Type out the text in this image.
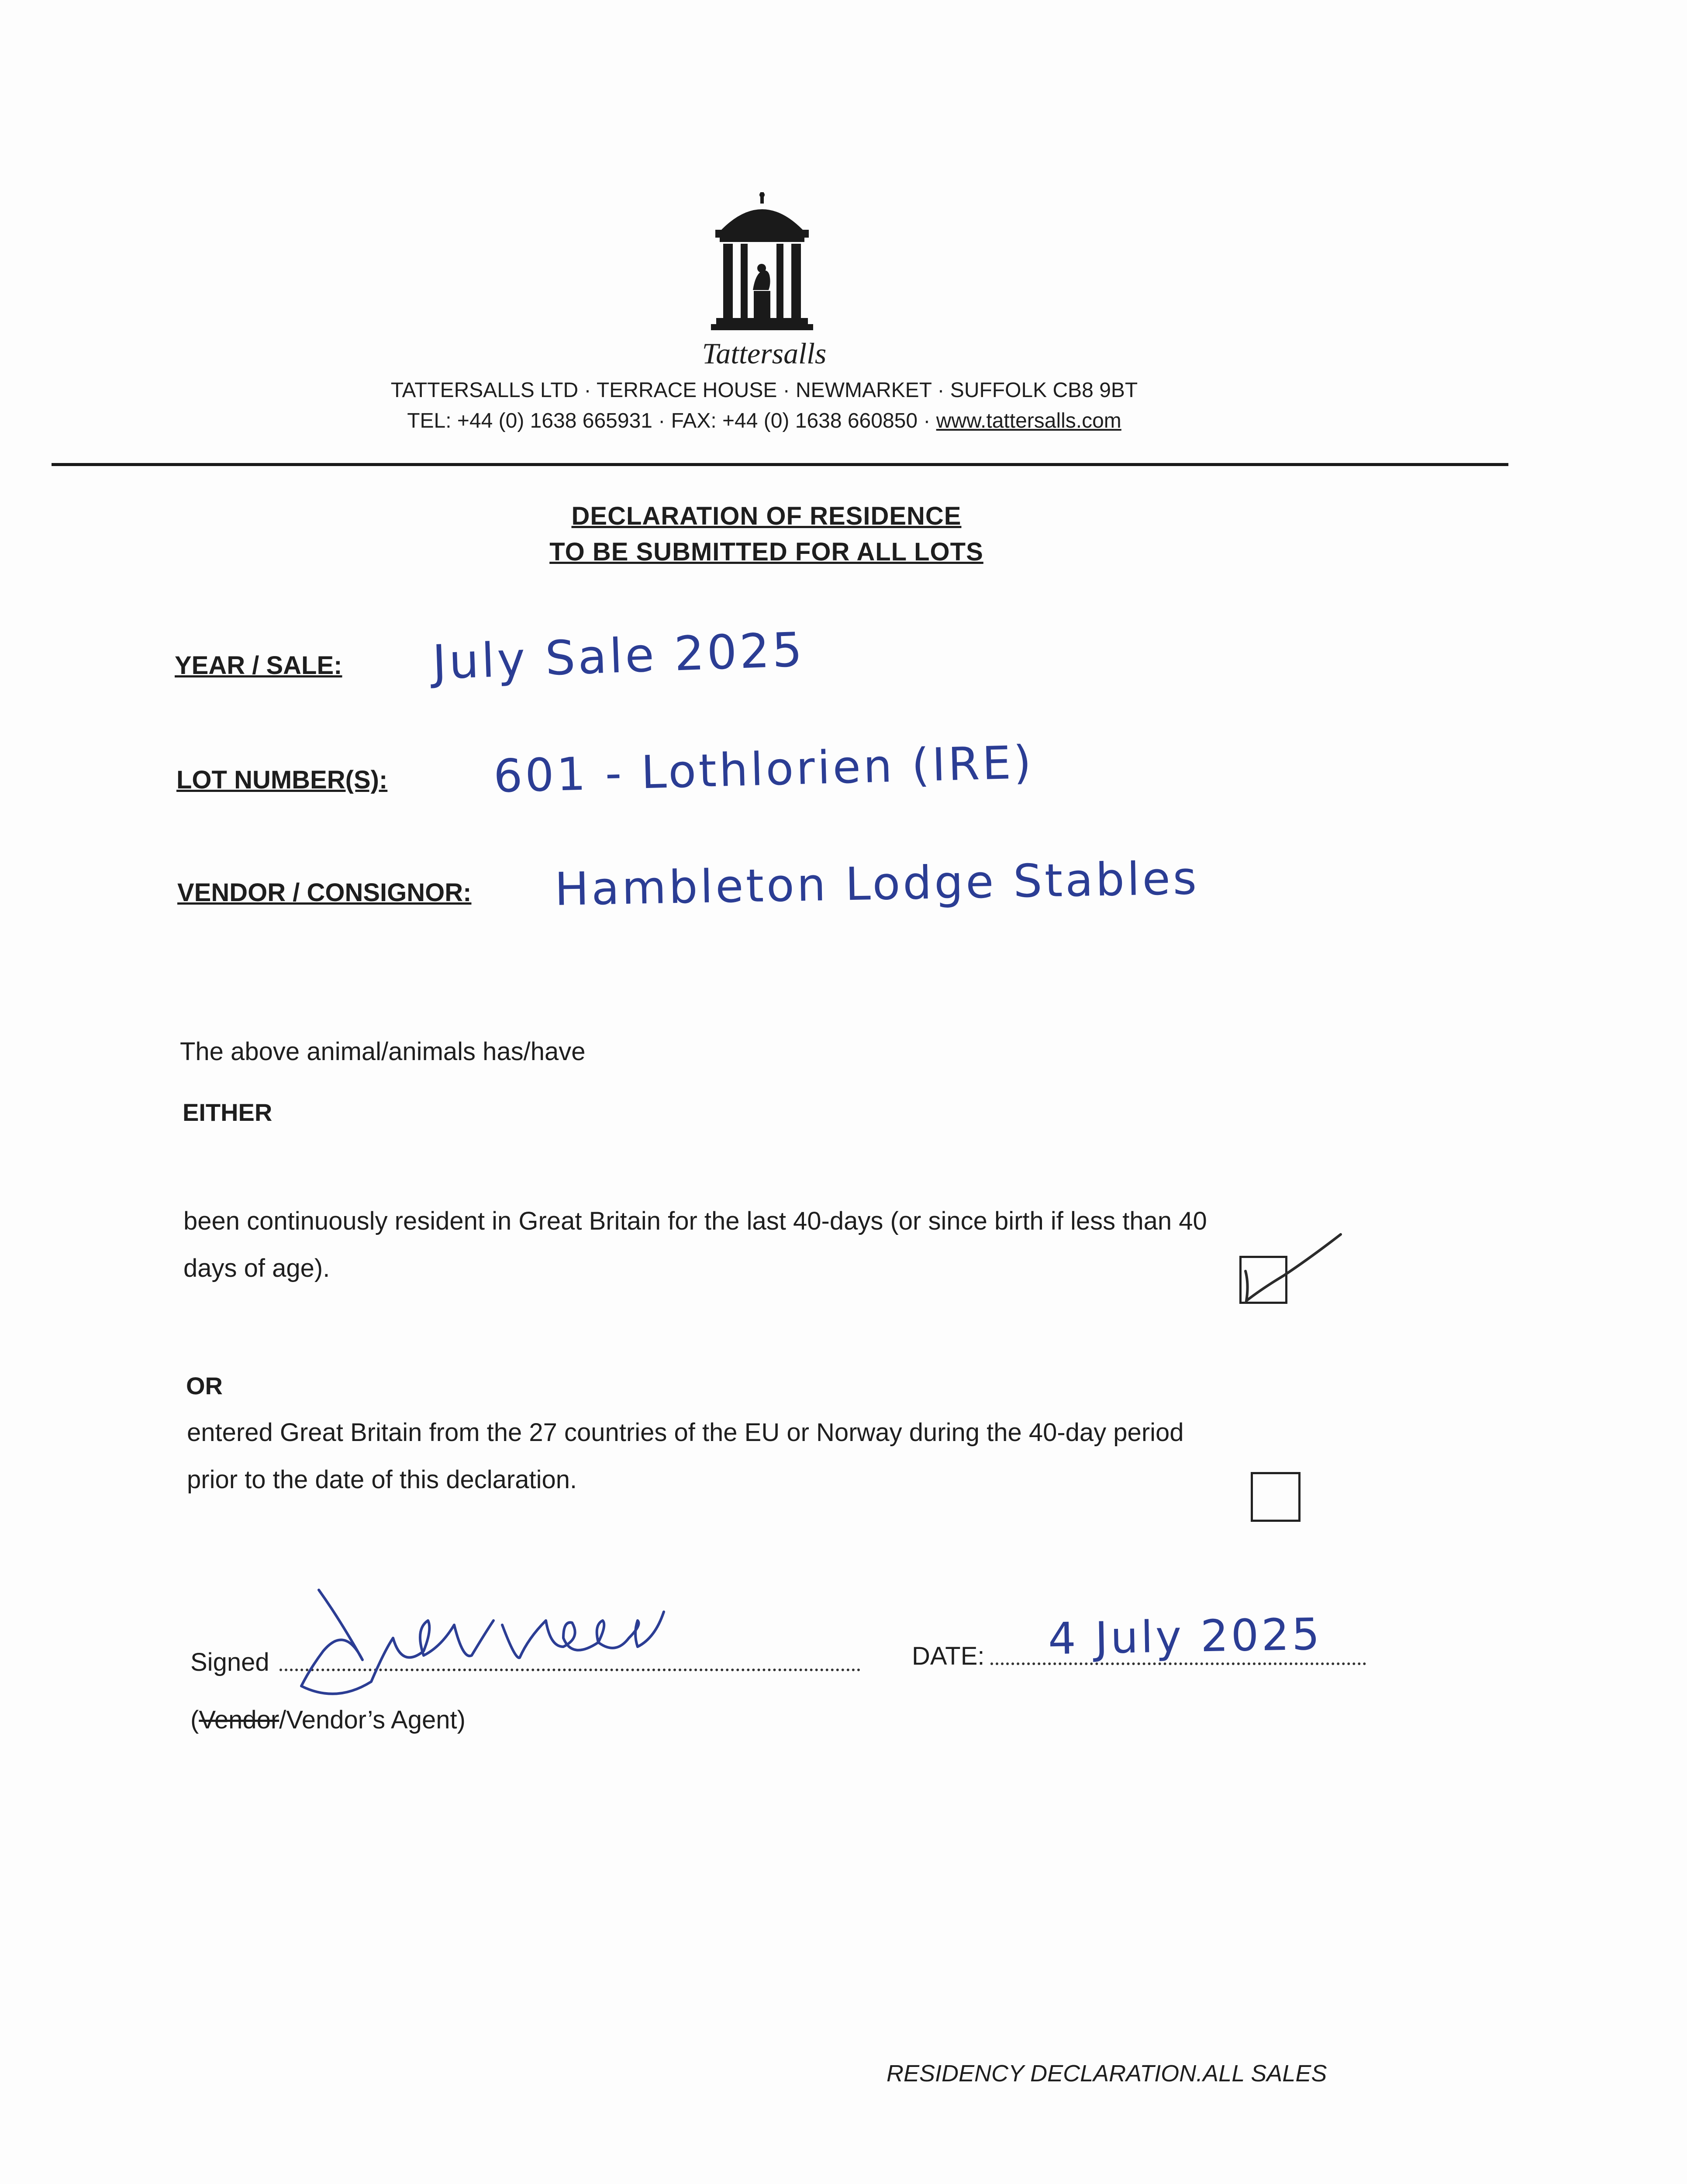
Tattersalls
TATTERSALLS LTD · TERRACE HOUSE · NEWMARKET · SUFFOLK CB8 9BT
TEL: +44 (0) 1638 665931 · FAX: +44 (0) 1638 660850 · www.tattersalls.com
DECLARATION OF RESIDENCE
TO BE SUBMITTED FOR ALL LOTS
YEAR / SALE: July Sale 2025
LOT NUMBER(S): 601 - Lothlorien (IRE)
VENDOR / CONSIGNOR: Hambleton Lodge Stables
The above animal/animals has/have
EITHER
been continuously resident in Great Britain for the last 40-days (or since birth if less than 40
days of age).
OR
entered Great Britain from the 27 countries of the EU or Norway during the 40-day period
prior to the date of this declaration.
Signed	DATE: 4 July 2025
(Vendor/Vendor’s Agent)
RESIDENCY DECLARATION.ALL SALES
